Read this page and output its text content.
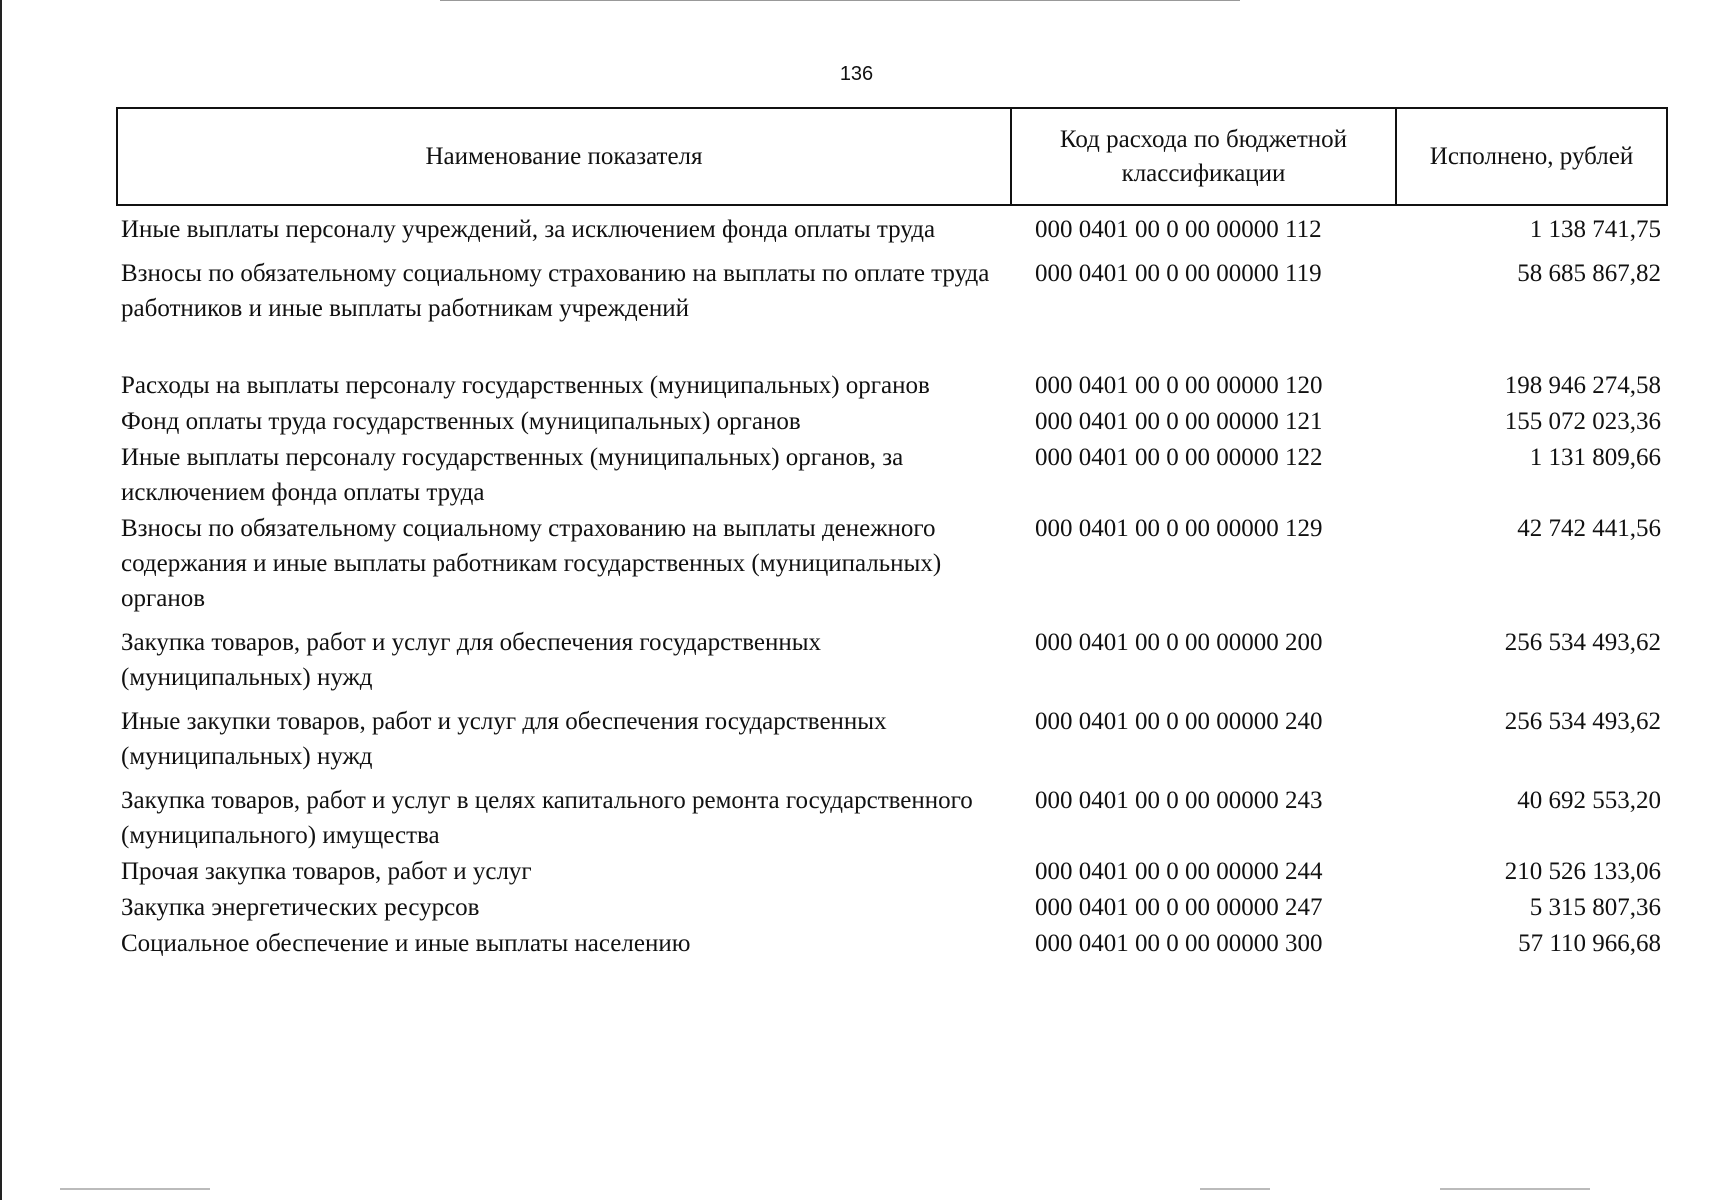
136
Наименование показателя	Код расхода по бюджетной классификации	Исполнено, рублей
Иные выплаты персоналу учреждений, за исключением фонда оплаты труда	000 0401 00 0 00 00000 112	1 138 741,75
Взносы по обязательному социальному страхованию на выплаты по оплате труда работников и иные выплаты работникам учреждений	000 0401 00 0 00 00000 119	58 685 867,82
Расходы на выплаты персоналу государственных (муниципальных) органов	000 0401 00 0 00 00000 120	198 946 274,58
Фонд оплаты труда государственных (муниципальных) органов	000 0401 00 0 00 00000 121	155 072 023,36
Иные выплаты персоналу государственных (муниципальных) органов, за исключением фонда оплаты труда	000 0401 00 0 00 00000 122	1 131 809,66
Взносы по обязательному социальному страхованию на выплаты денежного содержания и иные выплаты работникам государственных (муниципальных) органов	000 0401 00 0 00 00000 129	42 742 441,56
Закупка товаров, работ и услуг для обеспечения государственных (муниципальных) нужд	000 0401 00 0 00 00000 200	256 534 493,62
Иные закупки товаров, работ и услуг для обеспечения государственных (муниципальных) нужд	000 0401 00 0 00 00000 240	256 534 493,62
Закупка товаров, работ и услуг в целях капитального ремонта государственного (муниципального) имущества	000 0401 00 0 00 00000 243	40 692 553,20
Прочая закупка товаров, работ и услуг	000 0401 00 0 00 00000 244	210 526 133,06
Закупка энергетических ресурсов	000 0401 00 0 00 00000 247	5 315 807,36
Социальное обеспечение и иные выплаты населению	000 0401 00 0 00 00000 300	57 110 966,68
